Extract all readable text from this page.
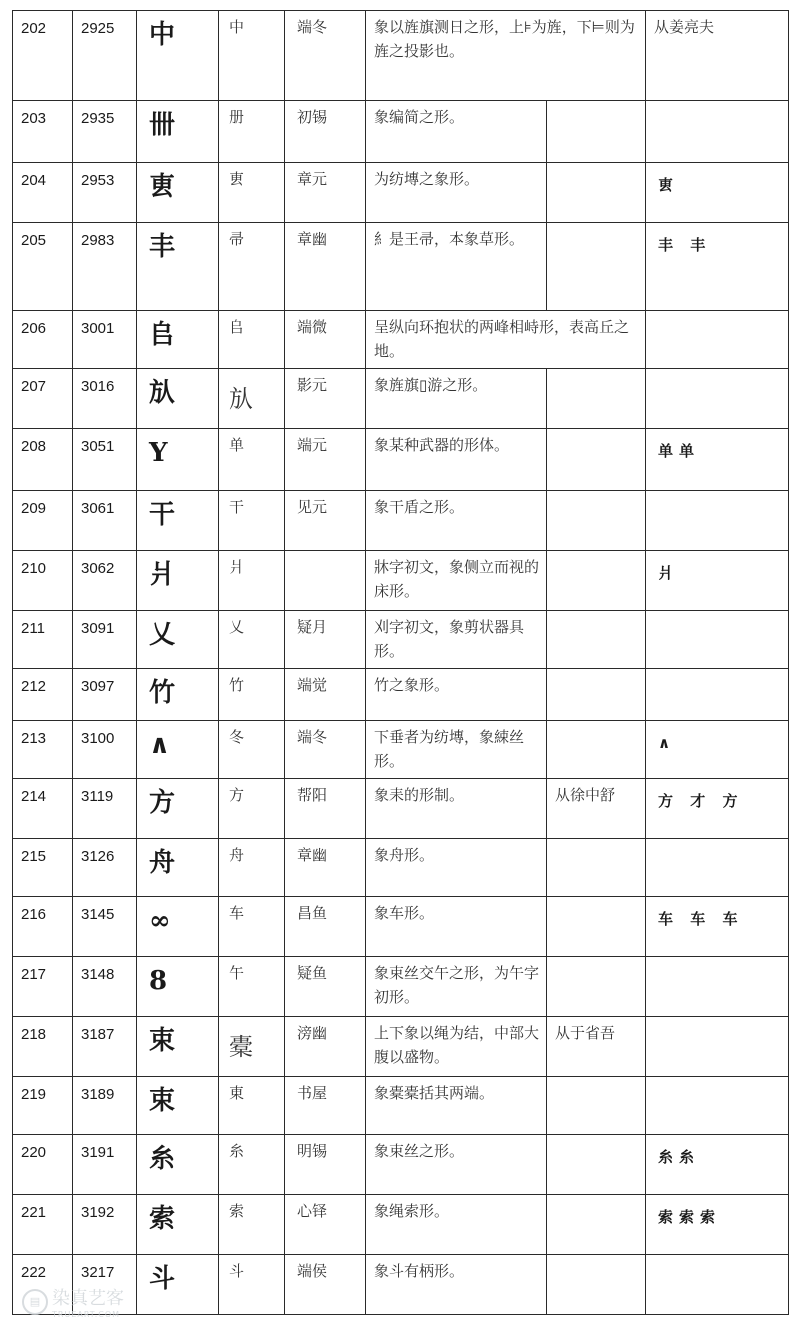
202	2925	中	中	端冬	象以旌旗测日之形，上⊧为旌，下⊨则为旌之投影也。		从姜亮夫
203	2935	卌	册	初锡	象编简之形。		
204	2953	叀	叀	章元	为纺塼之象形。		叀
205	2983	丰	帚	章幽	⺯是王帚，本象草形。		丰 丰
206	3001	𠂤	𠂤	端微	呈纵向环抱状的两峰相峙形，表高丘之地。		
207	3016	㫃	㫃	影元	象旌旗▯游之形。		
208	3051	Y	单	端元	象某种武器的形体。		单单
209	3061	干	干	见元	象干盾之形。		
210	3062	爿	爿		牀字初文，象侧立而视的床形。		爿
211	3091	乂	乂	疑月	刈字初文，象剪状器具形。		
212	3097	竹	竹	端觉	竹之象形。		
213	3100	∧	冬	端冬	下垂者为纺塼，象綀丝形。		∧
214	3119	方	方	帮阳	象耒的形制。	从徐中舒	方 才 方
215	3126	舟	舟	章幽	象舟形。		
216	3145	∞	车	昌鱼	象车形。		车 车 车
217	3148	8	午	疑鱼	象束丝交午之形，为午字初形。		
218	3187	束	橐	滂幽	上下象以绳为结，中部大腹以盛物。	从于省吾	
219	3189	束	東	书屋	象橐橐括其两端。		
220	3191	糸	糸	明锡	象束丝之形。		糸糸
221	3192	索	索	心铎	象绳索形。		索索索
222	3217	斗	斗	端侯	象斗有柄形。		
▤ 染真艺客
TRUEART.COM
